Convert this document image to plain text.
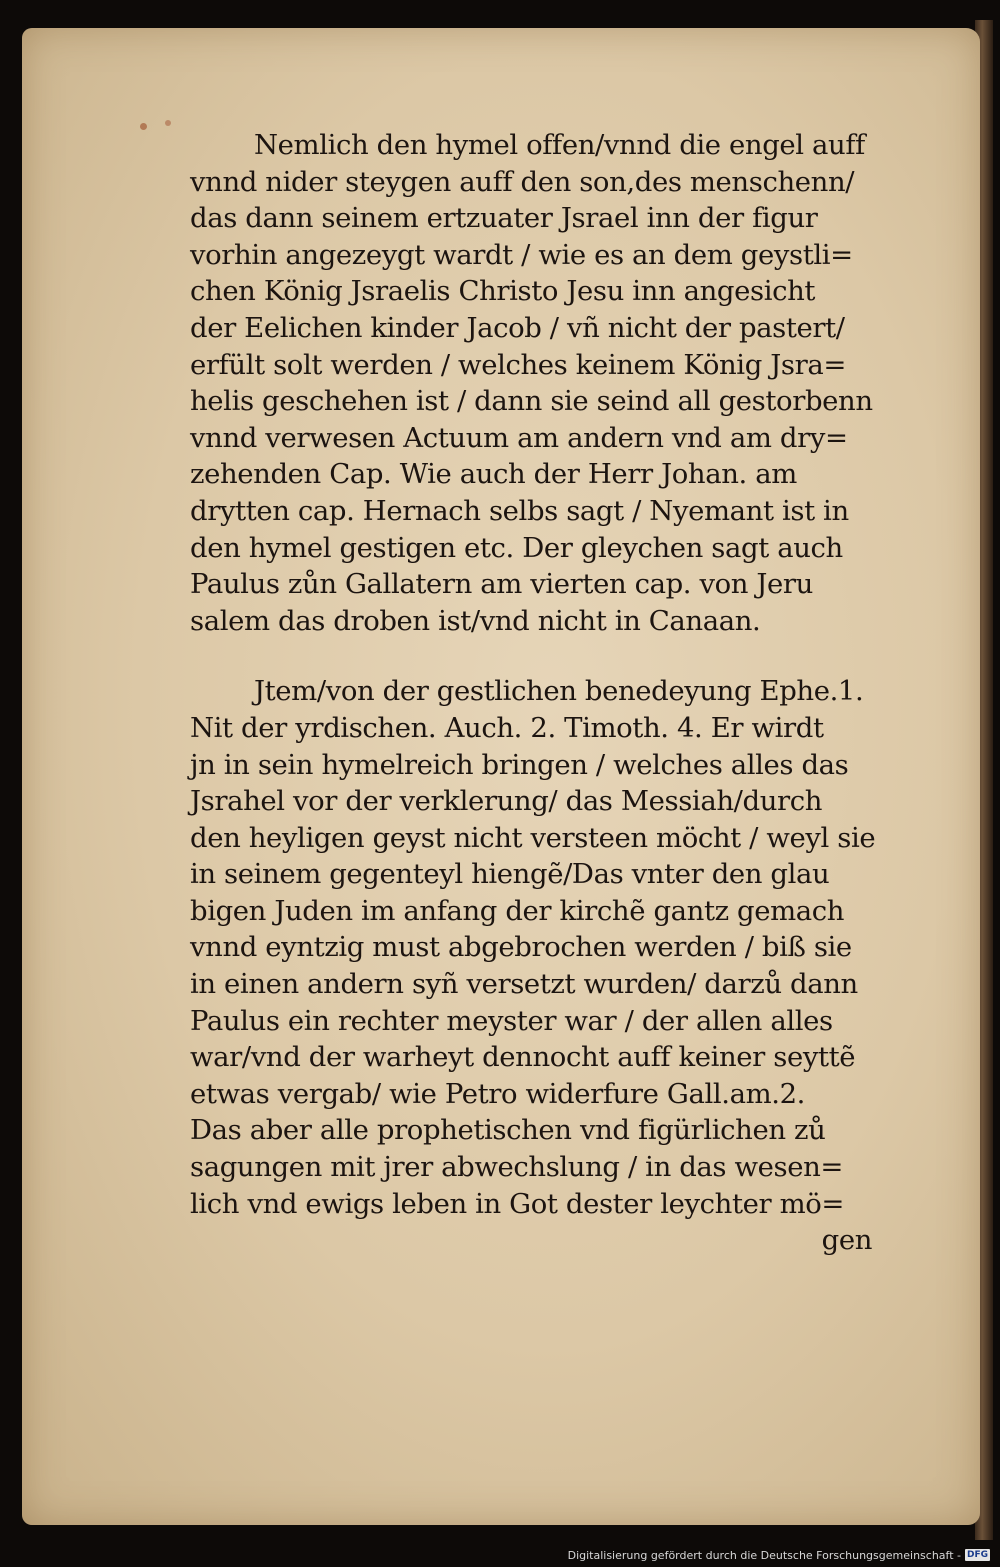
Nemlich den hymel offen/vnnd die engel auff
vnnd nider steygen auff den son,des menschenn/
das dann seinem ertzuater Jsrael inn der figur
vorhin angezeygt wardt / wie es an dem geystli=
chen König Jsraelis Christo Jesu inn angesicht
der Eelichen kinder Jacob / vñ nicht der pastert/
erfült solt werden / welches keinem König Jsra=
helis geschehen ist / dann sie seind all gestorbenn
vnnd verwesen Actuum am andern vnd am dry=
zehenden Cap. Wie auch der Herr Johan. am
drytten cap. Hernach selbs sagt / Nyemant ist in
den hymel gestigen etc. Der gleychen sagt auch
Paulus zůn Gallatern am vierten cap. von Jeru
salem das droben ist/vnd nicht in Canaan.
Jtem/von der gestlichen benedeyung Ephe.1.
Nit der yrdischen. Auch. 2. Timoth. 4. Er wirdt
jn in sein hymelreich bringen / welches alles das
Jsrahel vor der verklerung/ das Messiah/durch
den heyligen geyst nicht versteen möcht / weyl sie
in seinem gegenteyl hiengẽ/Das vnter den glau
bigen Juden im anfang der kirchẽ gantz gemach
vnnd eyntzig must abgebrochen werden / biß sie
in einen andern syñ versetzt wurden/ darzů dann
Paulus ein rechter meyster war / der allen alles
war/vnd der warheyt dennocht auff keiner seyttẽ
etwas vergab/ wie Petro widerfure Gall.am.2.
Das aber alle prophetischen vnd figürlichen zů
sagungen mit jrer abwechslung / in das wesen=
lich vnd ewigs leben in Got dester leychter mö=
gen
Digitalisierung gefördert durch die Deutsche Forschungsgemeinschaft - DFG
